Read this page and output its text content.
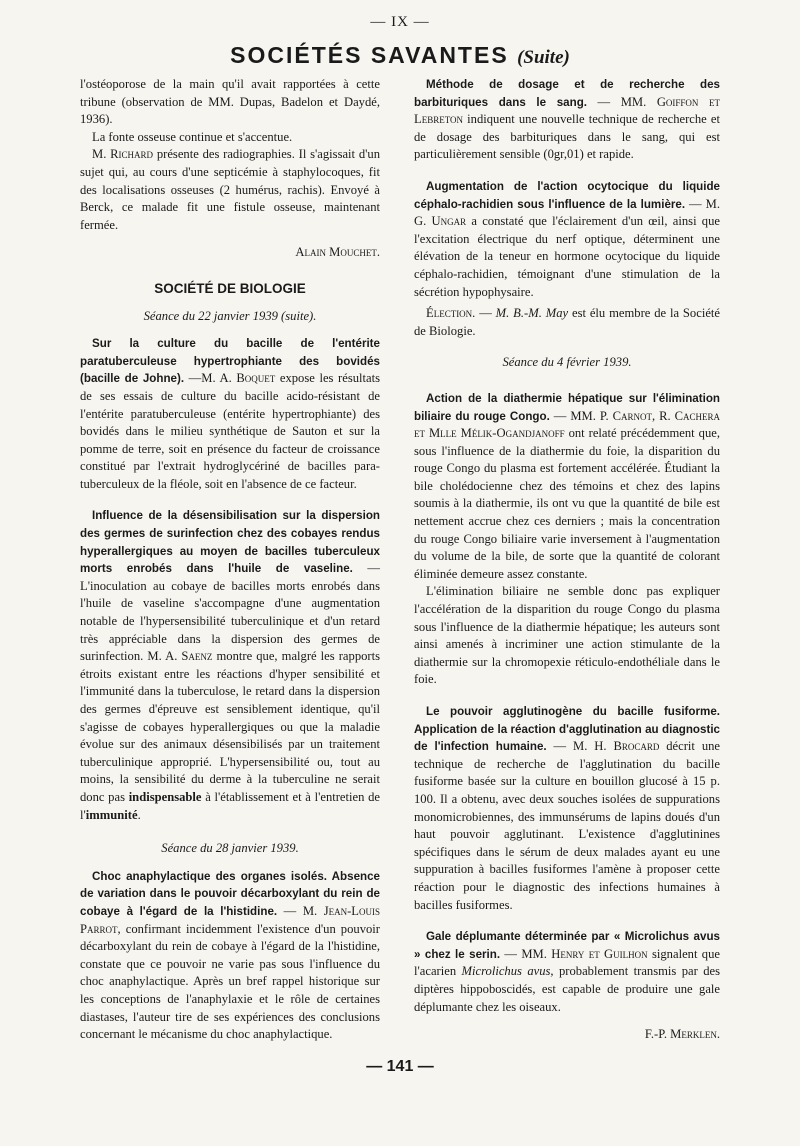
— IX —
SOCIÉTÉS SAVANTES (Suite)

l'ostéoporose de la main qu'il avait rapportées à cette tribune (observation de MM. Dupas, Badelon et Daydé, 1936).

La fonte osseuse continue et s'accentue.

M. Richard présente des radiographies. Il s'agissait d'un sujet qui, au cours d'une septicémie à staphylocoques, fit des localisations osseuses (2 humérus, rachis). Envoyé à Berck, ce malade fit une fistule osseuse, maintenant fermée.

Alain Mouchet.
SOCIÉTÉ DE BIOLOGIE
Séance du 22 janvier 1939 (suite).

Sur la culture du bacille de l'entérite paratuberculeuse hypertrophiante des bovidés (bacille de Johne). —M. A. Boquet expose les résultats de ses essais de culture du bacille acido-résistant de l'entérite paratuberculeuse (entérite hypertrophiante) des bovidés dans le milieu synthétique de Sauton et sur la pomme de terre, soit en présence du facteur de croissance constitué par l'extrait hydroglycériné de bacilles para-tuberculeux de la fléole, soit en l'absence de ce facteur.

Influence de la désensibilisation sur la dispersion des germes de surinfection chez des cobayes rendus hyperallergiques au moyen de bacilles tuberculeux morts enrobés dans l'huile de vaseline. — L'inoculation au cobaye de bacilles morts enrobés dans l'huile de vaseline s'accompagne d'une augmentation notable de l'hypersensibilité tuberculinique et d'un retard très appréciable dans la dispersion des germes de surinfection. M. A. Saenz montre que, malgré les rapports étroits existant entre les réactions d'hyper sensibilité et l'immunité dans la tuberculose, le retard dans la dispersion des germes d'épreuve est sensiblement identique, qu'il s'agisse de cobayes hyperallergiques ou que la maladie évolue sur des animaux désensibilisés par un traitement tuberculinique approprié. L'hypersensibilité ou, tout au moins, la sensibilité du derme à la tuberculine ne serait donc pas indispensable à l'établissement et à l'entretien de l'immunité.

Séance du 28 janvier 1939.

Choc anaphylactique des organes isolés. Absence de variation dans le pouvoir décarboxylant du rein de cobaye à l'égard de la l'histidine. — M. Jean-Louis Parrot, confirmant incidemment l'existence d'un pouvoir décarboxylant du rein de cobaye à l'égard de la l'histidine, constate que ce pouvoir ne varie pas sous l'influence du choc anaphylactique. Après un bref rappel historique sur les conceptions de l'anaphylaxie et le rôle de certaines diastases, l'auteur tire de ses expériences des conclusions concernant le mécanisme du choc anaphylactique.

Méthode de dosage et de recherche des barbituriques dans le sang. — MM. Goiffon et Lebreton indiquent une nouvelle technique de recherche et de dosage des barbituriques dans le sang, qui est particulièrement sensible (0gr,01) et rapide.

Augmentation de l'action ocytocique du liquide céphalo-rachidien sous l'influence de la lumière. — M. G. Ungar a constaté que l'éclairement d'un œil, ainsi que l'excitation électrique du nerf optique, déterminent une élévation de la teneur en hormone ocytocique du liquide céphalo-rachidien, témoignant d'une stimulation de la sécrétion hypophysaire.

Élection. — M. B.-M. May est élu membre de la Société de Biologie.

Séance du 4 février 1939.

Action de la diathermie hépatique sur l'élimination biliaire du rouge Congo. — MM. P. Carnot, R. Cachera et Mlle Mélik-Ogandjanoff ont relaté précédemment que, sous l'influence de la diathermie du foie, la disparition du rouge Congo du plasma est fortement accélérée. Étudiant la bile cholédocienne chez des témoins et chez des lapins soumis à la diathermie, ils ont vu que la quantité de bile est nettement accrue chez ces derniers ; mais la concentration du rouge Congo biliaire varie inversement à l'augmentation du volume de la bile, de sorte que la quantité de colorant éliminée demeure assez constante.

L'élimination biliaire ne semble donc pas expliquer l'accélération de la disparition du rouge Congo du plasma sous l'influence de la diathermie hépatique; les auteurs sont ainsi amenés à incriminer une action stimulante de la diathermie sur la chromopexie réticulo-endothéliale dans le foie.

Le pouvoir agglutinogène du bacille fusiforme. Application de la réaction d'agglutination au diagnostic de l'infection humaine. — M. H. Brocard décrit une technique de recherche de l'agglutination du bacille fusiforme basée sur la culture en bouillon glucosé à 15 p. 100. Il a obtenu, avec deux souches isolées de suppurations monomicrobiennes, des immunsérums de lapins doués d'un haut pouvoir agglutinant. L'existence d'agglutinines spécifiques dans le sérum de deux malades ayant eu une suppuration à bacilles fusiformes l'amène à proposer cette réaction pour le diagnostic des infections humaines à bacilles fusiformes.

Gale déplumante déterminée par « Microlichus avus » chez le serin. — MM. Henry et Guilhon signalent que l'acarien Microlichus avus, probablement transmis par des diptères hippoboscidés, est capable de produire une gale déplumante chez les oiseaux.

F.-P. Merklen.
— 141 —
